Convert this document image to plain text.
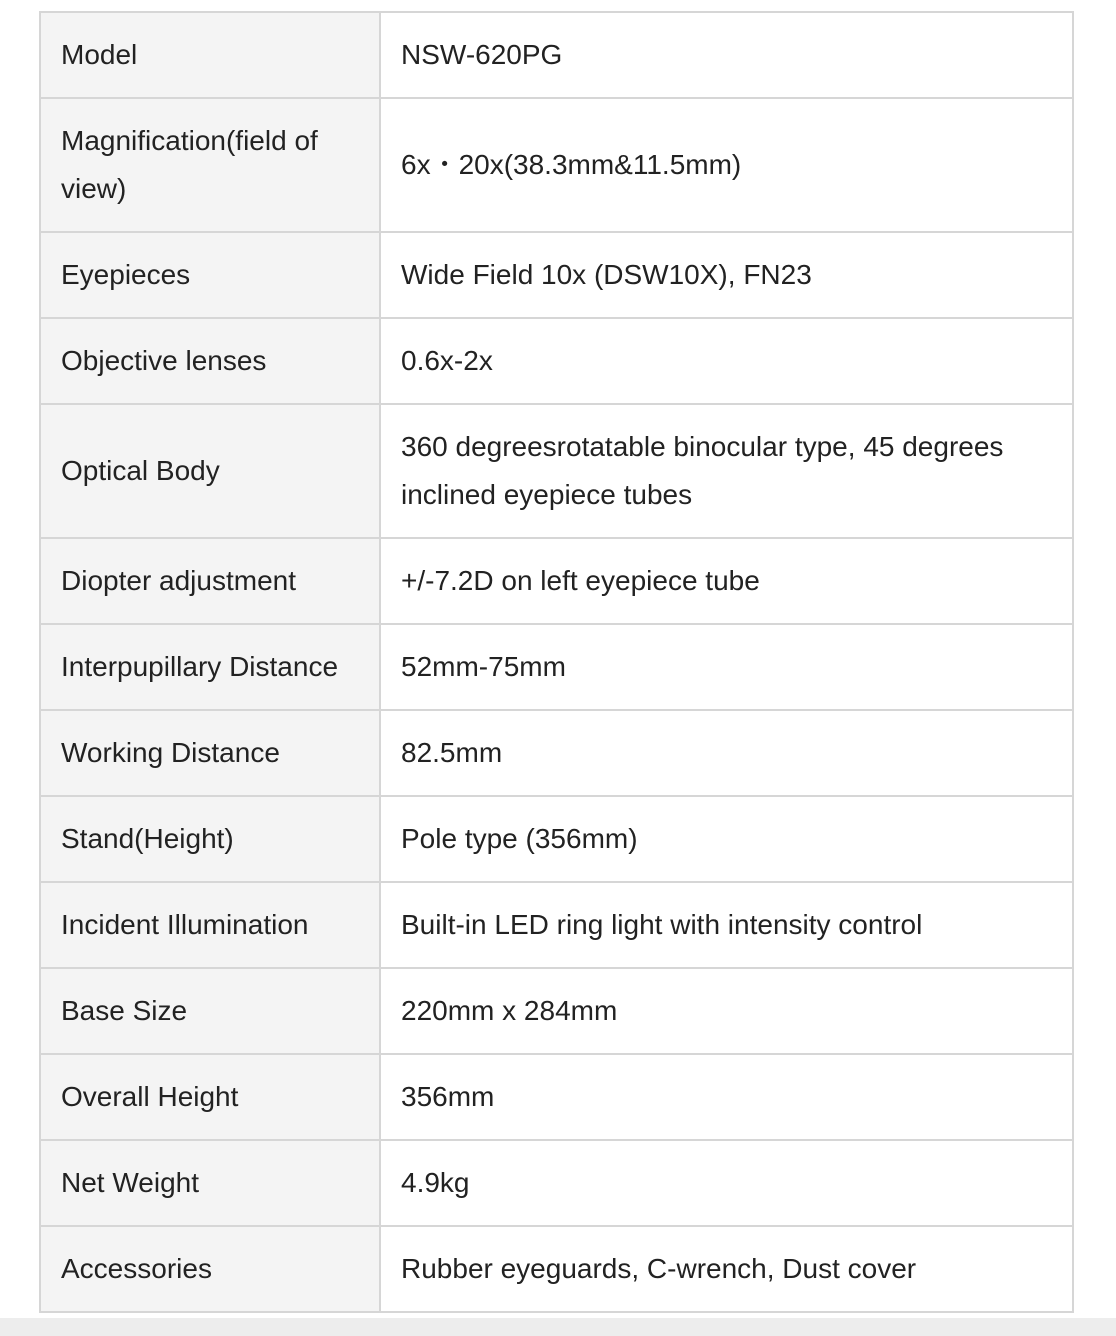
Model	NSW-620PG
Magnification(field of view)	6x・20x(38.3mm&11.5mm)
Eyepieces	Wide Field 10x (DSW10X), FN23
Objective lenses	0.6x-2x
Optical Body	360 degreesrotatable binocular type, 45 degrees inclined eyepiece tubes
Diopter adjustment	+/-7.2D on left eyepiece tube
Interpupillary Distance	52mm-75mm
Working Distance	82.5mm
Stand(Height)	Pole type (356mm)
Incident Illumination	Built-in LED ring light with intensity control
Base Size	220mm x 284mm
Overall Height	356mm
Net Weight	4.9kg
Accessories	Rubber eyeguards, C-wrench, Dust cover
